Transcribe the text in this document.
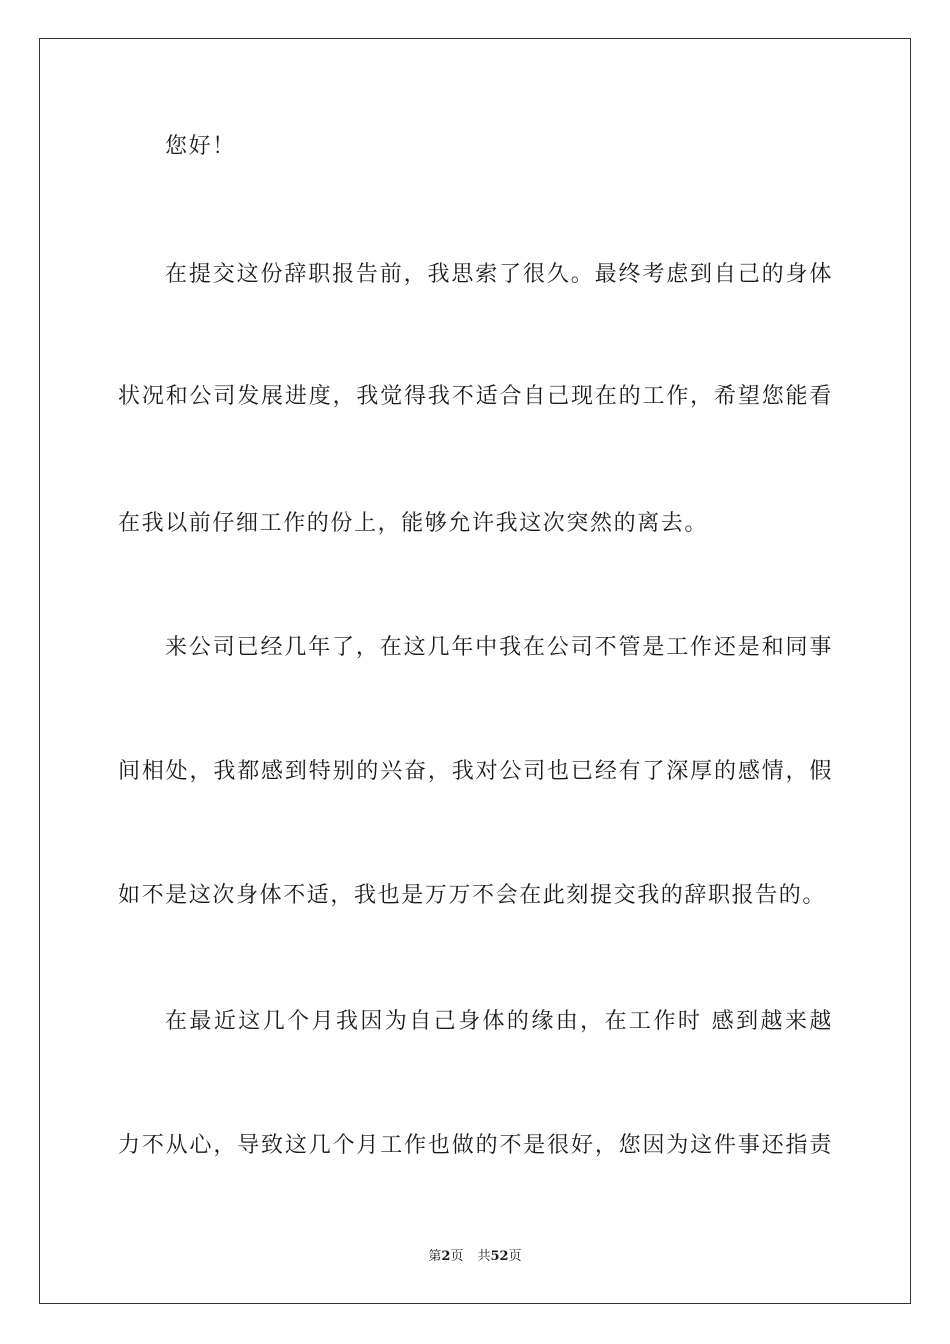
您好！
在提交这份辞职报告前，我思索了很久。最终考虑到自己的身体
状况和公司发展进度，我觉得我不适合自己现在的工作，希望您能看
在我以前仔细工作的份上，能够允许我这次突然的离去。
来公司已经几年了，在这几年中我在公司不管是工作还是和同事
间相处，我都感到特别的兴奋，我对公司也已经有了深厚的感情，假
如不是这次身体不适，我也是万万不会在此刻提交我的辞职报告的。
在最近这几个月我因为自己身体的缘由，在工作时 感到越来越
力不从心，导致这几个月工作也做的不是很好，您因为这件事还指责
第2页 共52页
